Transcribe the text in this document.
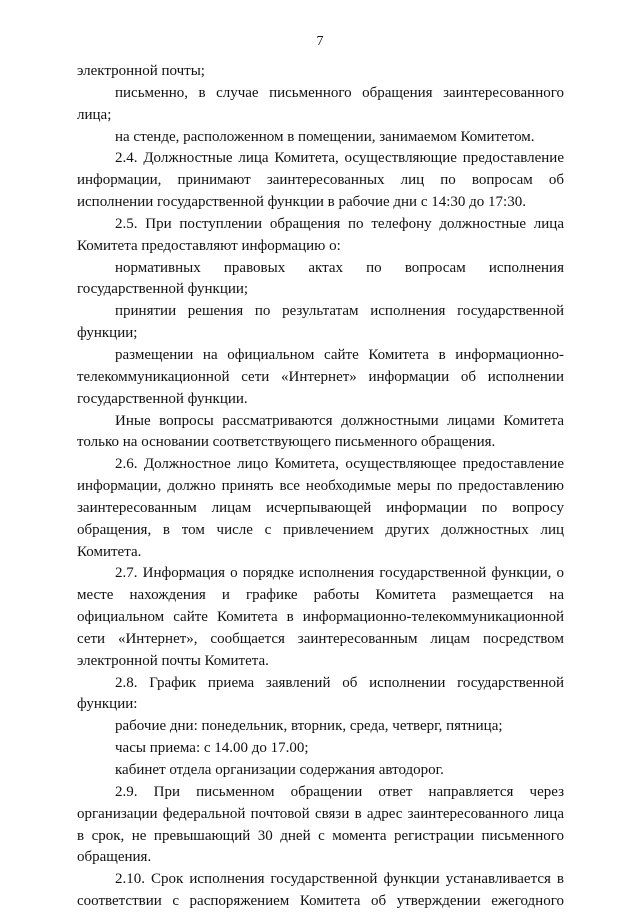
7

электронной почты;

письменно, в случае письменного обращения заинтересованного лица;

на стенде, расположенном в помещении, занимаемом Комитетом.

2.4. Должностные лица Комитета, осуществляющие предоставление информации, принимают заинтересованных лиц по вопросам об исполнении государственной функции в рабочие дни с 14:30 до 17:30.

2.5. При поступлении обращения по телефону должностные лица Комитета предоставляют информацию о:

нормативных правовых актах по вопросам исполнения государственной функции;

принятии решения по результатам исполнения государственной функции;

размещении на официальном сайте Комитета в информационно-телекоммуникационной сети «Интернет» информации об исполнении государственной функции.

Иные вопросы рассматриваются должностными лицами Комитета только на основании соответствующего письменного обращения.

2.6. Должностное лицо Комитета, осуществляющее предоставление информации, должно принять все необходимые меры по предоставлению заинтересованным лицам исчерпывающей информации по вопросу обращения, в том числе с привлечением других должностных лиц Комитета.

2.7. Информация о порядке исполнения государственной функции, о месте нахождения и графике работы Комитета размещается на официальном сайте Комитета в информационно-телекоммуникационной сети «Интернет», сообщается заинтересованным лицам посредством электронной почты Комитета.

2.8. График приема заявлений об исполнении государственной функции:

рабочие дни: понедельник, вторник, среда, четверг, пятница;

часы приема: с 14.00 до 17.00;

кабинет отдела организации содержания автодорог.

2.9. При письменном обращении ответ направляется через организации федеральной почтовой связи в адрес заинтересованного лица в срок, не превышающий 30 дней с момента регистрации письменного обращения.

2.10. Срок исполнения государственной функции устанавливается в соответствии с распоряжением Комитета об утверждении ежегодного
